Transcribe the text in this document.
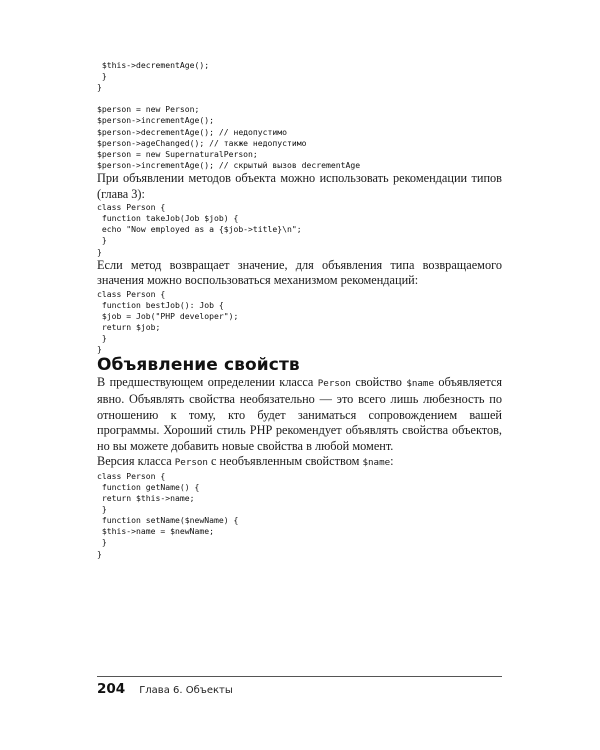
$this->decrementAge();
}
}

$person = new Person;
$person->incrementAge();
$person->decrementAge(); // недопустимо
$person->ageChanged(); // также недопустимо
$person = new SupernaturalPerson;
$person->incrementAge(); // скрытый вызов decrementAge

При объявлении методов объекта можно использовать рекомендации типов (глава 3):

class Person {
function takeJob(Job $job) {
echo "Now employed as a {$job->title}\n";
}
}

Если метод возвращает значение, для объявления типа возвращаемого значения можно воспользоваться механизмом рекомендаций:

class Person {
function bestJob(): Job {
$job = Job("PHP developer");
return $job;
}
}
Объявление свойств

В предшествующем определении класса Person свойство $name объявляется явно. Объявлять свойства необязательно — это всего лишь любезность по отношению к тому, кто будет заниматься сопровождением вашей программы. Хороший стиль PHP рекомендует объявлять свойства объектов, но вы можете добавить новые свойства в любой момент.

Версия класса Person с необъявленным свойством $name:

class Person {
function getName() {
return $this->name;
}
function setName($newName) {
$this->name = $newName;
}
}
204 Глава 6. Объекты
